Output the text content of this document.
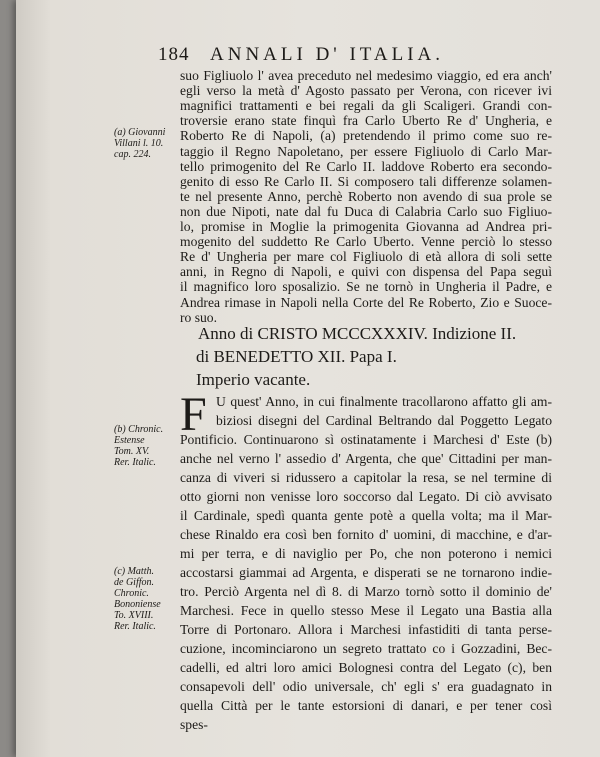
184 ANNALI D' ITALIA.
suo Figliuolo l' avea preceduto nel medesimo viaggio, ed era anch'
egli verso la metà d' Agosto passato per Verona, con ricever ivi
magnifici trattamenti e bei regali da gli Scaligeri. Grandi con-
troversie erano state finquì fra Carlo Uberto Re d' Ungheria, e
Roberto Re di Napoli, (a) pretendendo il primo come suo re-
taggio il Regno Napoletano, per essere Figliuolo di Carlo Mar-
tello primogenito del Re Carlo II. laddove Roberto era secondo-
genito di esso Re Carlo II. Si composero tali differenze solamen-
te nel presente Anno, perchè Roberto non avendo di sua prole se
non due Nipoti, nate dal fu Duca di Calabria Carlo suo Figliuo-
lo, promise in Moglie la primogenita Giovanna ad Andrea pri-
mogenito del suddetto Re Carlo Uberto. Venne perciò lo stesso
Re d' Ungheria per mare col Figliuolo di età allora di soli sette
anni, in Regno di Napoli, e quivi con dispensa del Papa seguì
il magnifico loro sposalizio. Se ne tornò in Ungheria il Padre, e
Andrea rimase in Napoli nella Corte del Re Roberto, Zio e Suoce-
ro suo.
Anno di CRISTO MCCCXXXIV. Indizione II.
di BENEDETTO XII. Papa I.
Imperio vacante.
F U quest' Anno, in cui finalmente tracollarono affatto gli am-
biziosi disegni del Cardinal Beltrando dal Poggetto Legato
Pontificio. Continuarono sì ostinatamente i Marchesi d' Este (b)
anche nel verno l' assedio d' Argenta, che que' Cittadini per man-
canza di viveri si ridussero a capitolar la resa, se nel termine di
otto giorni non venisse loro soccorso dal Legato. Di ciò avvisato
il Cardinale, spedì quanta gente potè a quella volta; ma il Mar-
chese Rinaldo era così ben fornito d' uomini, di macchine, e d'ar-
mi per terra, e di naviglio per Po, che non poterono i nemici
accostarsi giammai ad Argenta, e disperati se ne tornarono indie-
tro. Perciò Argenta nel dì 8. di Marzo tornò sotto il dominio de'
Marchesi. Fece in quello stesso Mese il Legato una Bastia alla
Torre di Portonaro. Allora i Marchesi infastiditi di tanta perse-
cuzione, incominciarono un segreto trattato co i Gozzadini, Bec-
cadelli, ed altri loro amici Bolognesi contra del Legato (c), ben
consapevoli dell' odio universale, ch' egli s' era guadagnato in
quella Città per le tante estorsioni di danari, e per tener così
spes-
(a) Giovanni
Villani l. 10.
cap. 224.
(b) Chronic.
Estense
Tom. XV.
Rer. Italic.
(c) Matth.
de Giffon.
Chronic.
Bononiense
To. XVIII.
Rer. Italic.
